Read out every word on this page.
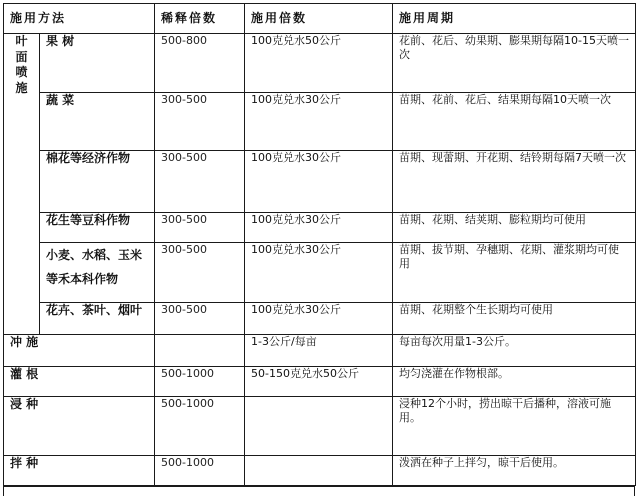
施用方法		稀释倍数	施用倍数	施用周期

叶
面
喷
施	果 树	500-800	100克兑水50公斤	花前、花后、幼果期、膨果期每隔10-15天喷一次
	蔬 菜	300-500	100克兑水30公斤	苗期、花前、花后、结果期每隔10天喷一次
	棉花等经济作物	300-500	100克兑水30公斤	苗期、现蕾期、开花期、结铃期每隔7天喷一次
	花生等豆科作物	300-500	100克兑水30公斤	苗期、花期、结荚期、膨粒期均可使用
	小麦、水稻、玉米等禾本科作物	300-500	100克兑水30公斤	苗期、拔节期、孕穗期、花期、灌浆期均可使用
	花卉、茶叶、烟叶	300-500	100克兑水30公斤	苗期、花期整个生长期均可使用
冲 施			1-3公斤/每亩	每亩每次用量1-3公斤。
灌 根		500-1000	50-150克兑水50公斤	均匀浇灌在作物根部。
浸 种		500-1000		浸种12个小时，捞出晾干后播种，溶液可施用。
拌 种		500-1000		泼洒在种子上拌匀，晾干后使用。
